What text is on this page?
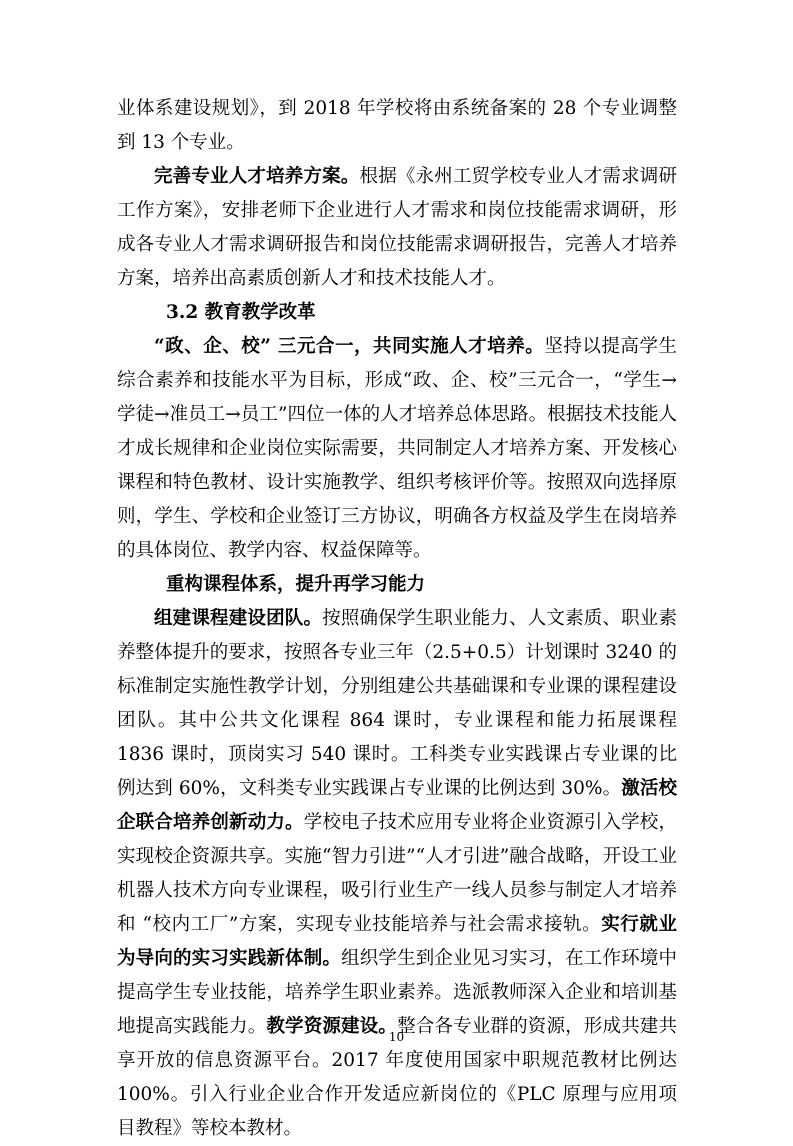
业体系建设规划》，到 2018 年学校将由系统备案的 28 个专业调整到 13 个专业。

完善专业人才培养方案。根据《永州工贸学校专业人才需求调研工作方案》，安排老师下企业进行人才需求和岗位技能需求调研，形成各专业人才需求调研报告和岗位技能需求调研报告，完善人才培养方案，培养出高素质创新人才和技术技能人才。

3.2 教育教学改革

“政、企、校” 三元合一，共同实施人才培养。坚持以提高学生综合素养和技能水平为目标，形成“政、企、校”三元合一，“学生→学徒→准员工→员工”四位一体的人才培养总体思路。根据技术技能人才成长规律和企业岗位实际需要，共同制定人才培养方案、开发核心课程和特色教材、设计实施教学、组织考核评价等。按照双向选择原则，学生、学校和企业签订三方协议，明确各方权益及学生在岗培养的具体岗位、教学内容、权益保障等。

重构课程体系，提升再学习能力

组建课程建设团队。按照确保学生职业能力、人文素质、职业素养整体提升的要求，按照各专业三年（2.5+0.5）计划课时 3240 的标准制定实施性教学计划，分别组建公共基础课和专业课的课程建设团队。其中公共文化课程 864 课时，专业课程和能力拓展课程 1836 课时，顶岗实习 540 课时。工科类专业实践课占专业课的比例达到 60%，文科类专业实践课占专业课的比例达到 30%。激活校企联合培养创新动力。学校电子技术应用专业将企业资源引入学校，实现校企资源共享。实施“智力引进”“人才引进”融合战略，开设工业机器人技术方向专业课程，吸引行业生产一线人员参与制定人才培养和 “校内工厂”方案，实现专业技能培养与社会需求接轨。实行就业为导向的实习实践新体制。组织学生到企业见习实习，在工作环境中提高学生专业技能，培养学生职业素养。选派教师深入企业和培训基地提高实践能力。教学资源建设。整合各专业群的资源，形成共建共享开放的信息资源平台。2017 年度使用国家中职规范教材比例达 100%。引入行业企业合作开发适应新岗位的《PLC 原理与应用项目教程》等校本教材。

10
